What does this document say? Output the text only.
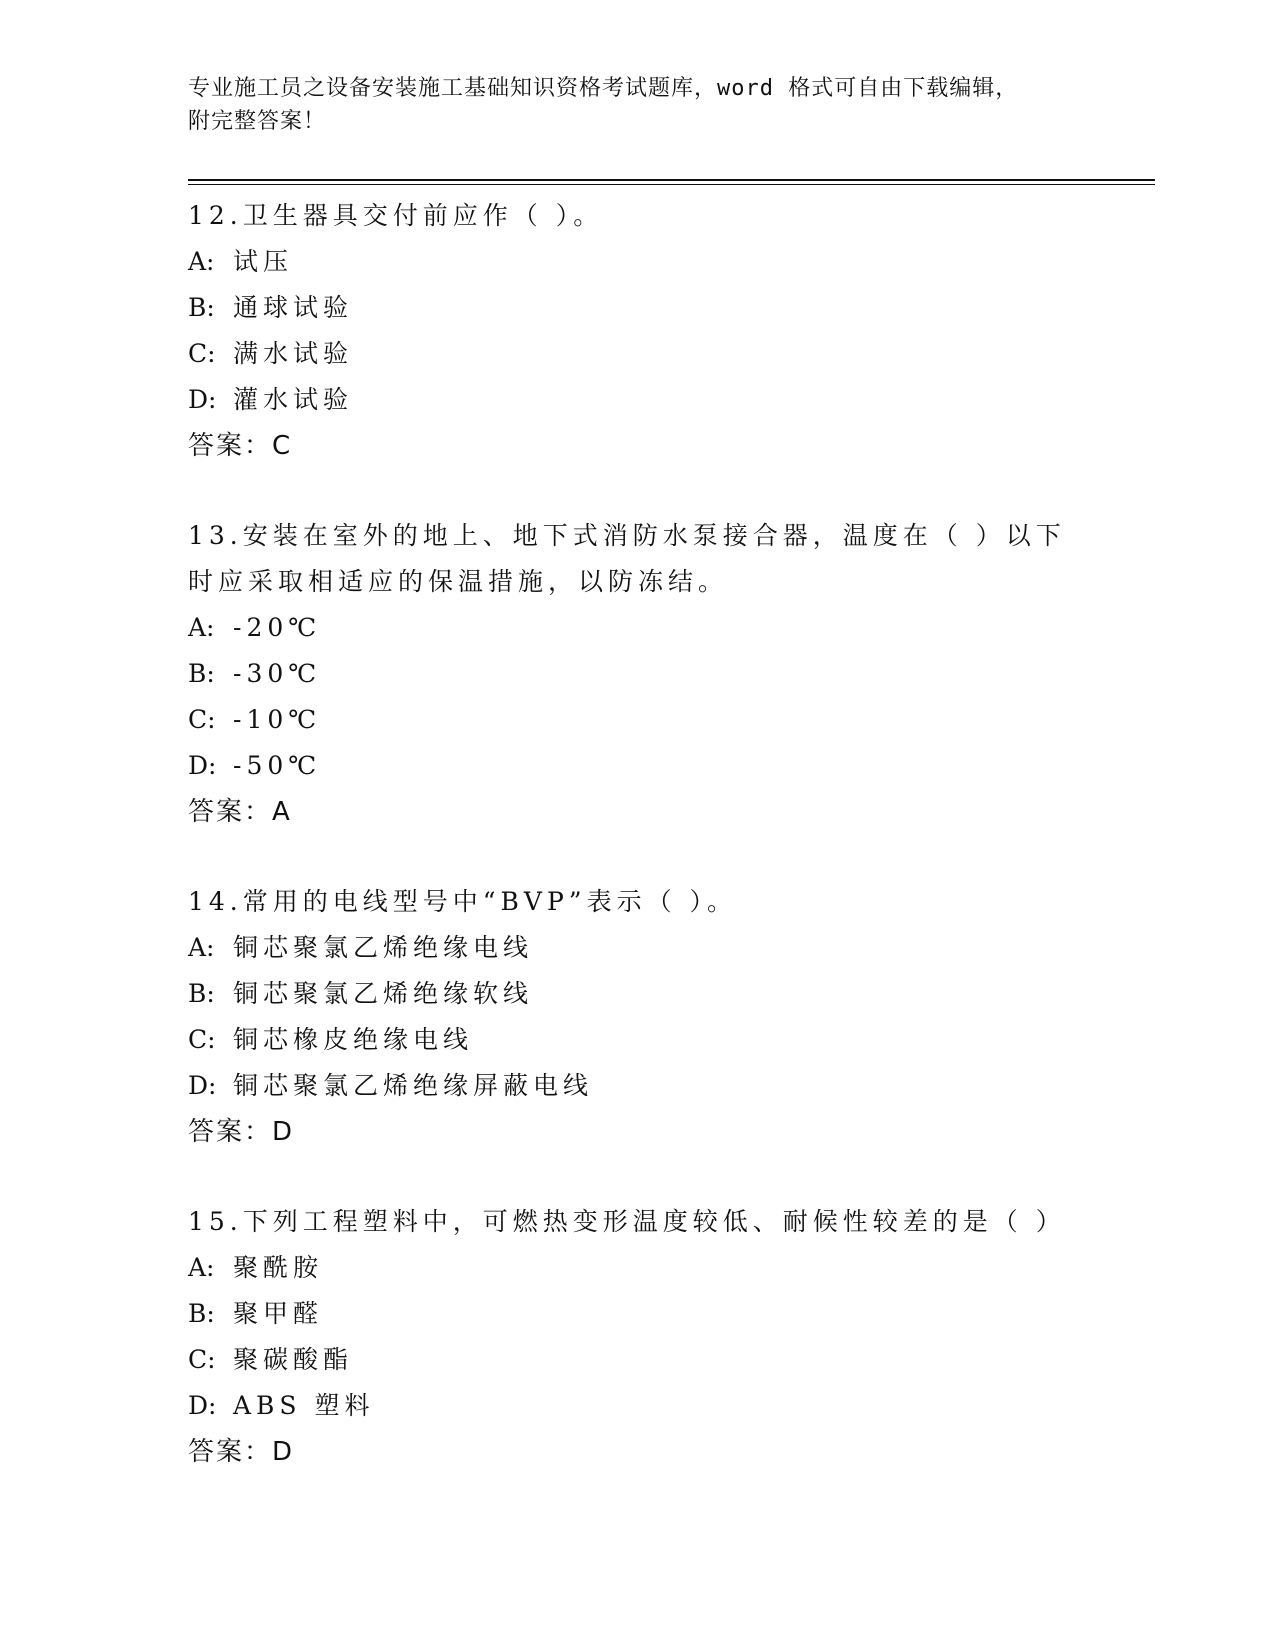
专业施工员之设备安装施工基础知识资格考试题库，word 格式可自由下载编辑，
附完整答案！
12.卫生器具交付前应作（ ）。
A: 试压
B: 通球试验
C: 满水试验
D: 灌水试验
答案：C
13.安装在室外的地上、地下式消防水泵接合器，温度在（ ）以下时应采取相适应的保温措施，以防冻结。
A: -20℃
B: -30℃
C: -10℃
D: -50℃
答案：A
14.常用的电线型号中“BVP”表示（ ）。
A: 铜芯聚氯乙烯绝缘电线
B: 铜芯聚氯乙烯绝缘软线
C: 铜芯橡皮绝缘电线
D: 铜芯聚氯乙烯绝缘屏蔽电线
答案：D
15.下列工程塑料中，可燃热变形温度较低、耐候性较差的是（ ）
A: 聚酰胺
B: 聚甲醛
C: 聚碳酸酯
D: ABS 塑料
答案：D
